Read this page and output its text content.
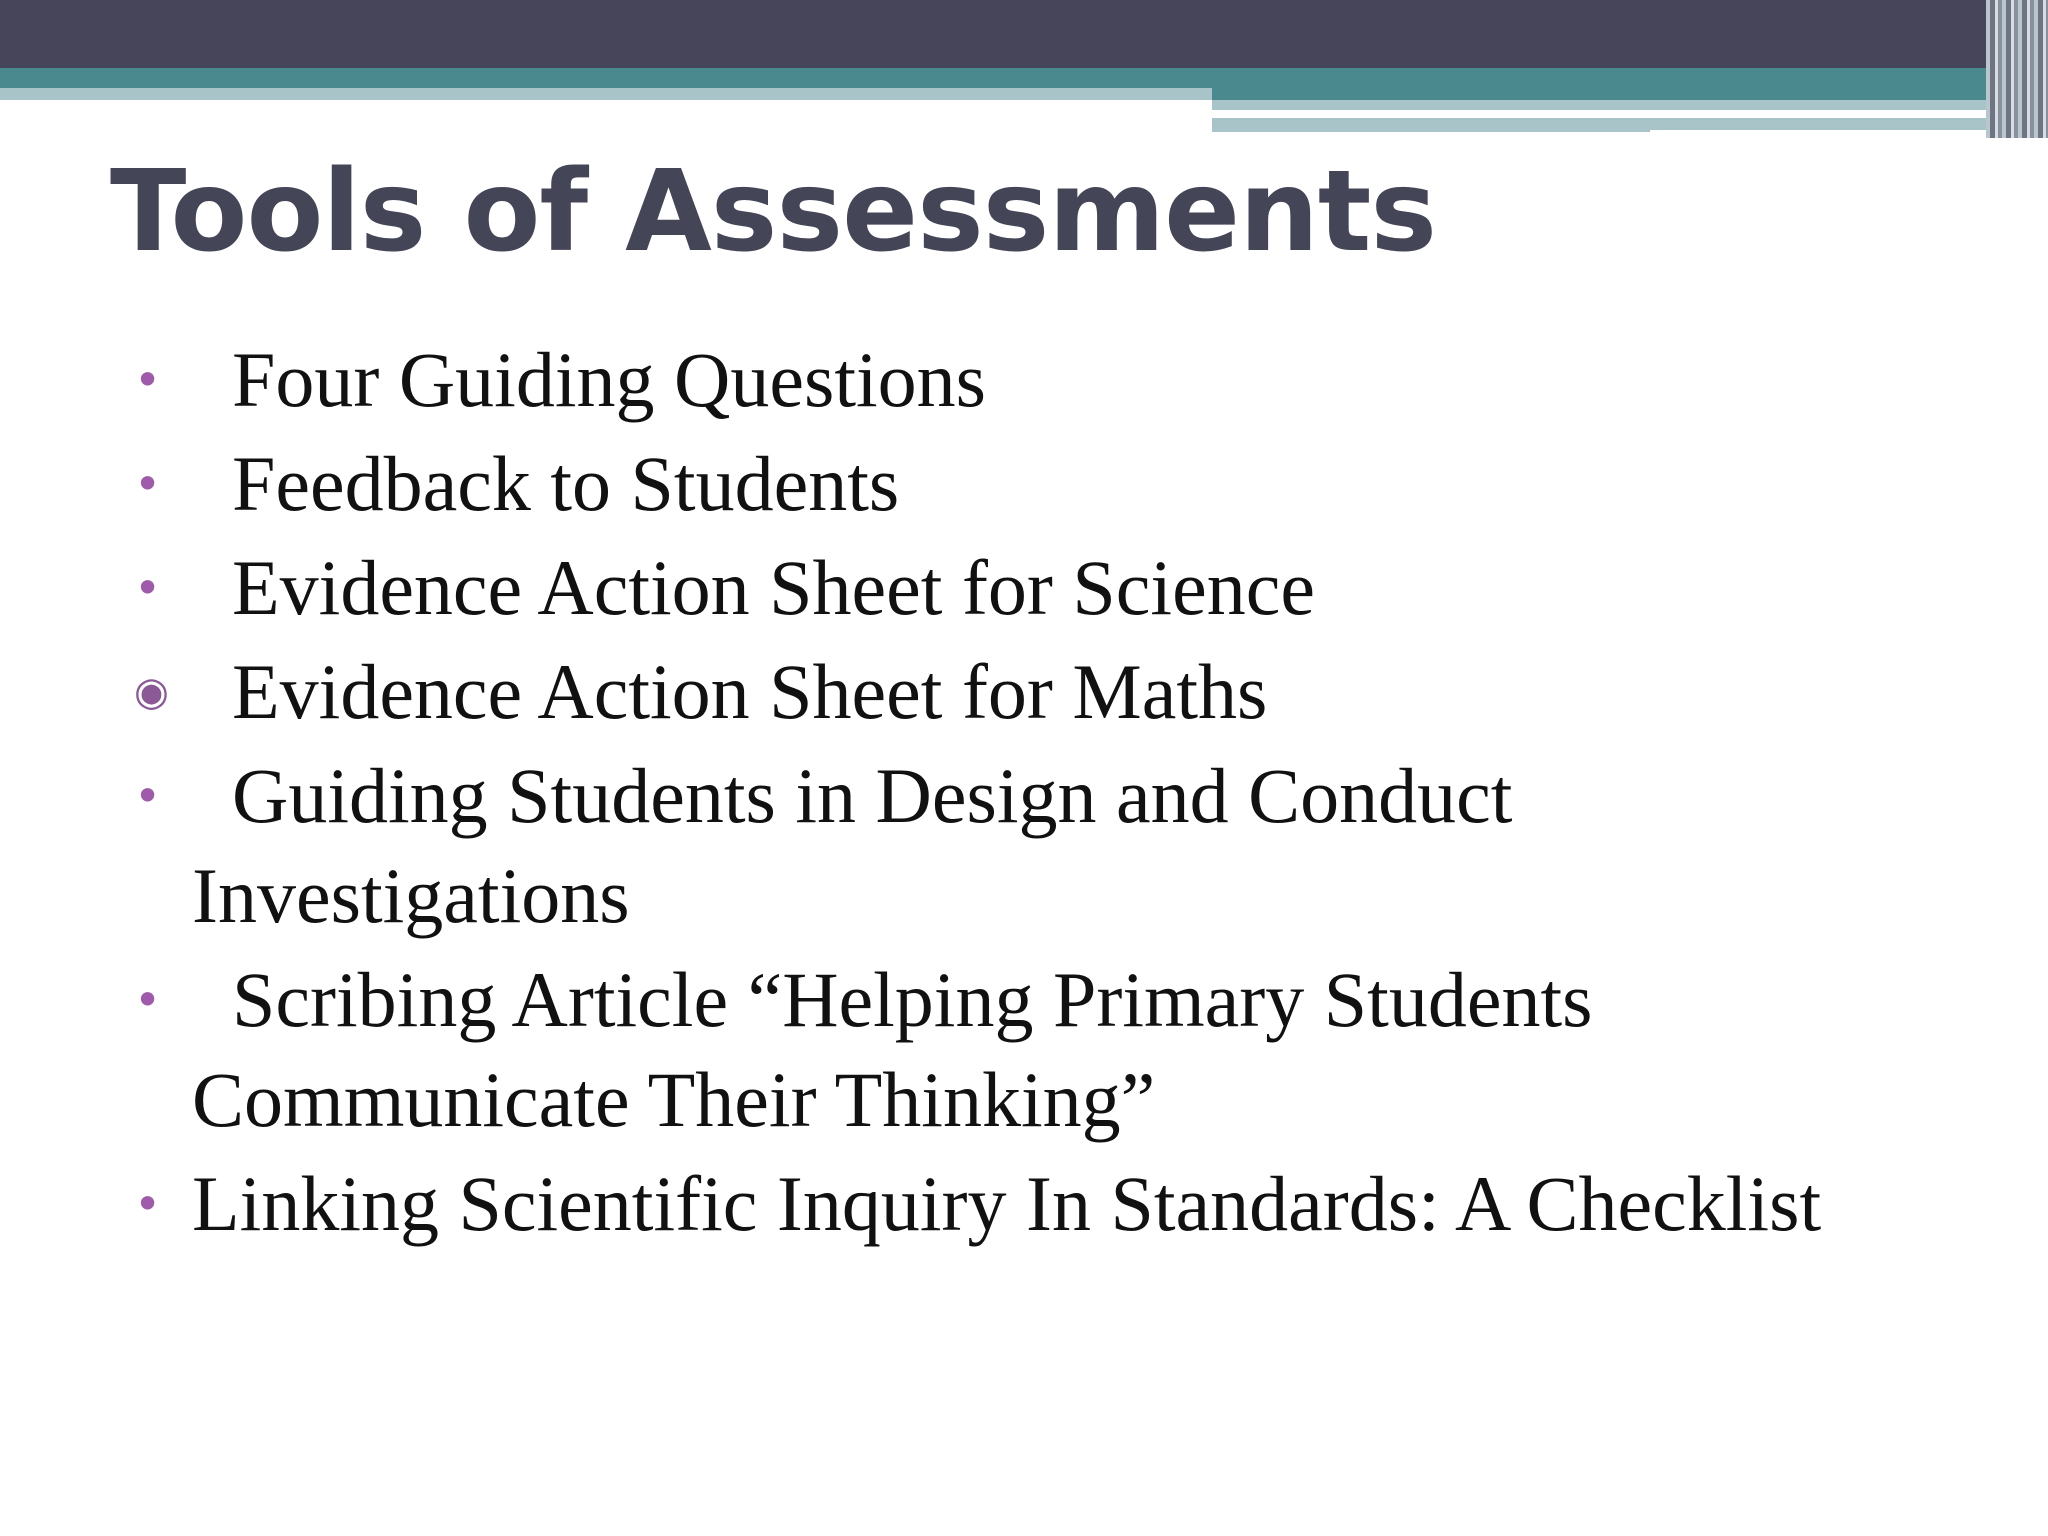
Tools of Assessments
• Four Guiding Questions
• Feedback to Students
• Evidence Action Sheet for Science
◉ Evidence Action Sheet for Maths
• Guiding Students in Design and Conduct Investigations
• Scribing Article “Helping Primary Students Communicate Their Thinking”
• Linking Scientific Inquiry In Standards: A Checklist
